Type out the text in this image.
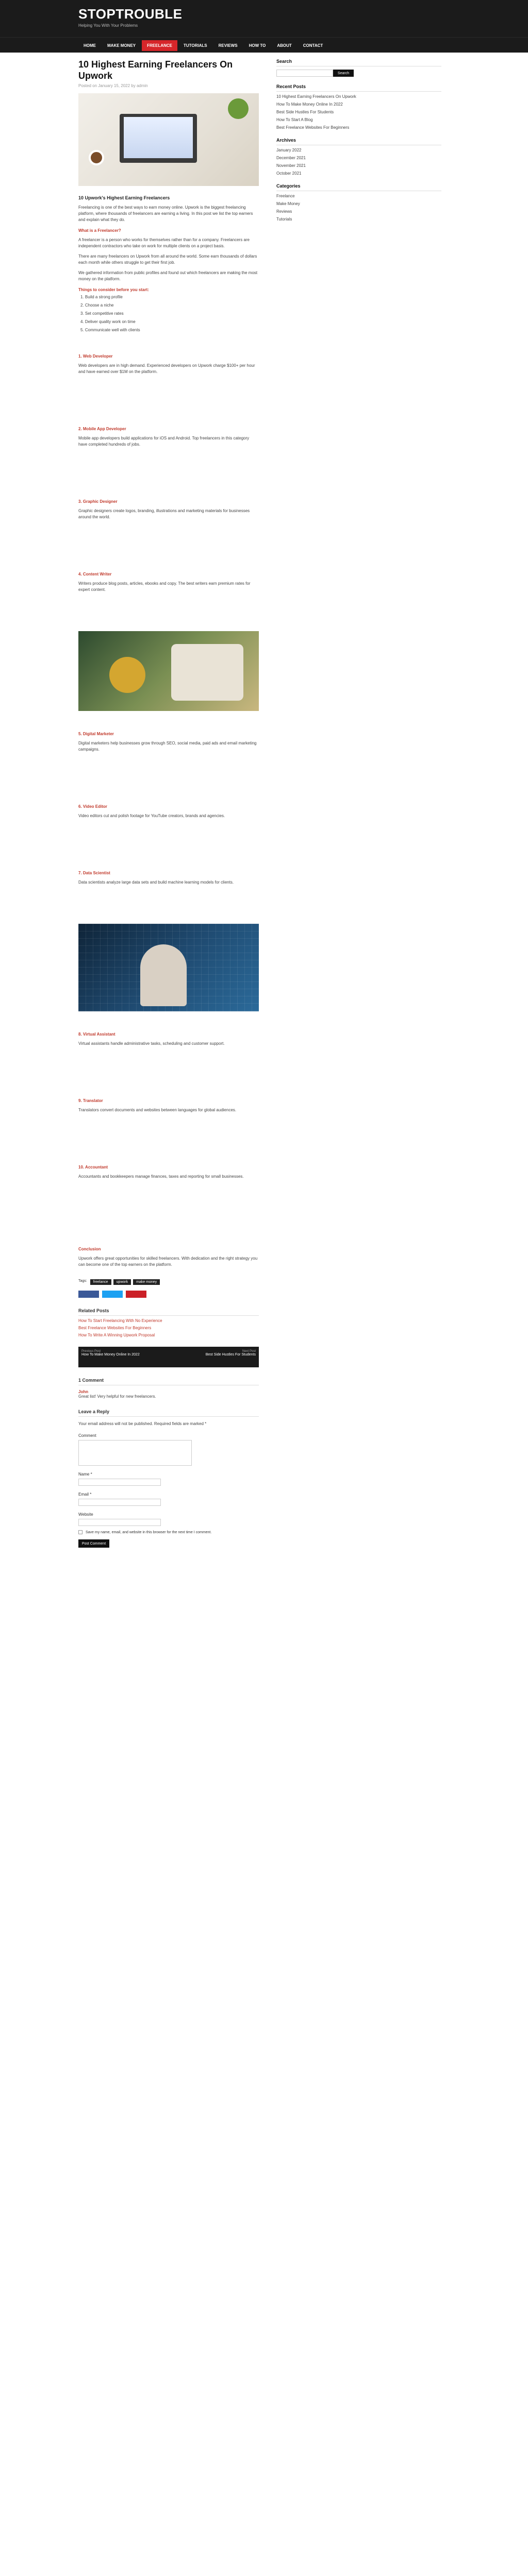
STOPTROUBLE
Helping You With Your Problems
HOME	MAKE MONEY	FREELANCE	TUTORIALS	REVIEWS	HOW TO	ABOUT	CONTACT
10 Highest Earning Freelancers On Upwork
Posted on January 15, 2022 by admin
10 Upwork's Highest Earning Freelancers

Freelancing is one of the best ways to earn money online. Upwork is the biggest freelancing platform, where thousands of freelancers are earning a living. In this post we list the top earners and explain what they do.

What is a Freelancer?

A freelancer is a person who works for themselves rather than for a company. Freelancers are independent contractors who take on work for multiple clients on a project basis.

There are many freelancers on Upwork from all around the world. Some earn thousands of dollars each month while others struggle to get their first job.

We gathered information from public profiles and found out which freelancers are making the most money on the platform.

Things to consider before you start:
1. Build a strong profile
2. Choose a niche
3. Set competitive rates
4. Deliver quality work on time
5. Communicate well with clients
1. Web Developer

Web developers are in high demand. Experienced developers on Upwork charge $100+ per hour and have earned over $1M on the platform.

2. Mobile App Developer

Mobile app developers build applications for iOS and Android. Top freelancers in this category have completed hundreds of jobs.

3. Graphic Designer

Graphic designers create logos, branding, illustrations and marketing materials for businesses around the world.

4. Content Writer

Writers produce blog posts, articles, ebooks and copy. The best writers earn premium rates for expert content.

5. Digital Marketer

Digital marketers help businesses grow through SEO, social media, paid ads and email marketing campaigns.

6. Video Editor

Video editors cut and polish footage for YouTube creators, brands and agencies.

7. Data Scientist

Data scientists analyze large data sets and build machine learning models for clients.

8. Virtual Assistant

Virtual assistants handle administrative tasks, scheduling and customer support.

9. Translator

Translators convert documents and websites between languages for global audiences.

10. Accountant

Accountants and bookkeepers manage finances, taxes and reporting for small businesses.

Conclusion

Upwork offers great opportunities for skilled freelancers. With dedication and the right strategy you can become one of the top earners on the platform.

Tags:	freelance upwork make money
Related Posts
How To Start Freelancing With No Experience
Best Freelance Websites For Beginners
How To Write A Winning Upwork Proposal
Previous Post
How To Make Money Online In 2022
Next Post
Best Side Hustles For Students
1 Comment
John
Great list! Very helpful for new freelancers.
Leave a Reply

Your email address will not be published. Required fields are marked *

Comment
Name *
Email *
Website
Save my name, email, and website in this browser for the next time I comment.
Post Comment
Search
Search
Recent Posts
10 Highest Earning Freelancers On Upwork
How To Make Money Online In 2022
Best Side Hustles For Students
How To Start A Blog
Best Freelance Websites For Beginners
Archives
January 2022
December 2021
November 2021
October 2021
Categories
Freelance
Make Money
Reviews
Tutorials
